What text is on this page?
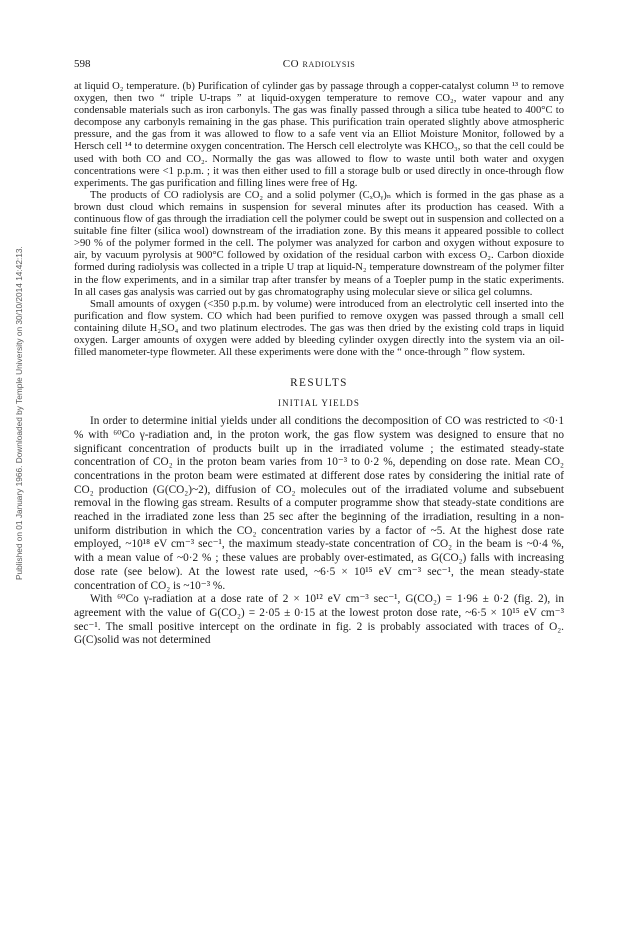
Published on 01 January 1966. Downloaded by Temple University on 30/10/2014 14:42:13.
598	CO radiolysis

at liquid O₂ temperature. (b) Purification of cylinder gas by passage through a copper-catalyst column ¹³ to remove oxygen, then two “ triple U-traps ” at liquid-oxygen temperature to remove CO₂, water vapour and any condensable materials such as iron carbonyls. The gas was finally passed through a silica tube heated to 400°C to decompose any carbonyls remaining in the gas phase. This purification train operated slightly above atmospheric pressure, and the gas from it was allowed to flow to a safe vent via an Elliot Moisture Monitor, followed by a Hersch cell ¹⁴ to determine oxygen concentration. The Hersch cell electrolyte was KHCO₃, so that the cell could be used with both CO and CO₂. Normally the gas was allowed to flow to waste until both water and oxygen concentrations were <1 p.p.m. ; it was then either used to fill a storage bulb or used directly in once-through flow experiments. The gas purification and filling lines were free of Hg.

The products of CO radiolysis are CO₂ and a solid polymer (CₓOᵧ)ₙ which is formed in the gas phase as a brown dust cloud which remains in suspension for several minutes after its production has ceased. With a continuous flow of gas through the irradiation cell the polymer could be swept out in suspension and collected on a suitable fine filter (silica wool) downstream of the irradiation zone. By this means it appeared possible to collect >90 % of the polymer formed in the cell. The polymer was analyzed for carbon and oxygen without exposure to air, by vacuum pyrolysis at 900°C followed by oxidation of the residual carbon with excess O₂. Carbon dioxide formed during radiolysis was collected in a triple U trap at liquid-N₂ temperature downstream of the polymer filter in the flow experiments, and in a similar trap after transfer by means of a Toepler pump in the static experiments. In all cases gas analysis was carried out by gas chromatography using molecular sieve or silica gel columns.

Small amounts of oxygen (<350 p.p.m. by volume) were introduced from an electrolytic cell inserted into the purification and flow system. CO which had been purified to remove oxygen was passed through a small cell containing dilute H₂SO₄ and two platinum electrodes. The gas was then dried by the existing cold traps in liquid oxygen. Larger amounts of oxygen were added by bleeding cylinder oxygen directly into the system via an oil-filled manometer-type flowmeter. All these experiments were done with the “ once-through ” flow system.

RESULTS
INITIAL YIELDS

In order to determine initial yields under all conditions the decomposition of CO was restricted to <0·1 % with ⁶⁰Co γ-radiation and, in the proton work, the gas flow system was designed to ensure that no significant concentration of products built up in the irradiated volume ; the estimated steady-state concentration of CO₂ in the proton beam varies from 10⁻³ to 0·2 %, depending on dose rate. Mean CO₂ concentrations in the proton beam were estimated at different dose rates by considering the initial rate of CO₂ production (G(CO₂)~2), diffusion of CO₂ molecules out of the irradiated volume and subsebuent removal in the flowing gas stream. Results of a computer programme show that steady-state conditions are reached in the irradiated zone less than 25 sec after the beginning of the irradiation, resulting in a non-uniform distribution in which the CO₂ concentration varies by a factor of ~5. At the highest dose rate employed, ~10¹⁸ eV cm⁻³ sec⁻¹, the maximum steady-state concentration of CO₂ in the beam is ~0·4 %, with a mean value of ~0·2 % ; these values are probably over-estimated, as G(CO₂) falls with increasing dose rate (see below). At the lowest rate used, ~6·5 × 10¹⁵ eV cm⁻³ sec⁻¹, the mean steady-state concentration of CO₂ is ~10⁻³ %.

With ⁶⁰Co γ-radiation at a dose rate of 2 × 10¹² eV cm⁻³ sec⁻¹, G(CO₂) = 1·96 ± 0·2 (fig. 2), in agreement with the value of G(CO₂) = 2·05 ± 0·15 at the lowest proton dose rate, ~6·5 × 10¹⁵ eV cm⁻³ sec⁻¹. The small positive intercept on the ordinate in fig. 2 is probably associated with traces of O₂. G(C)solid was not determined
